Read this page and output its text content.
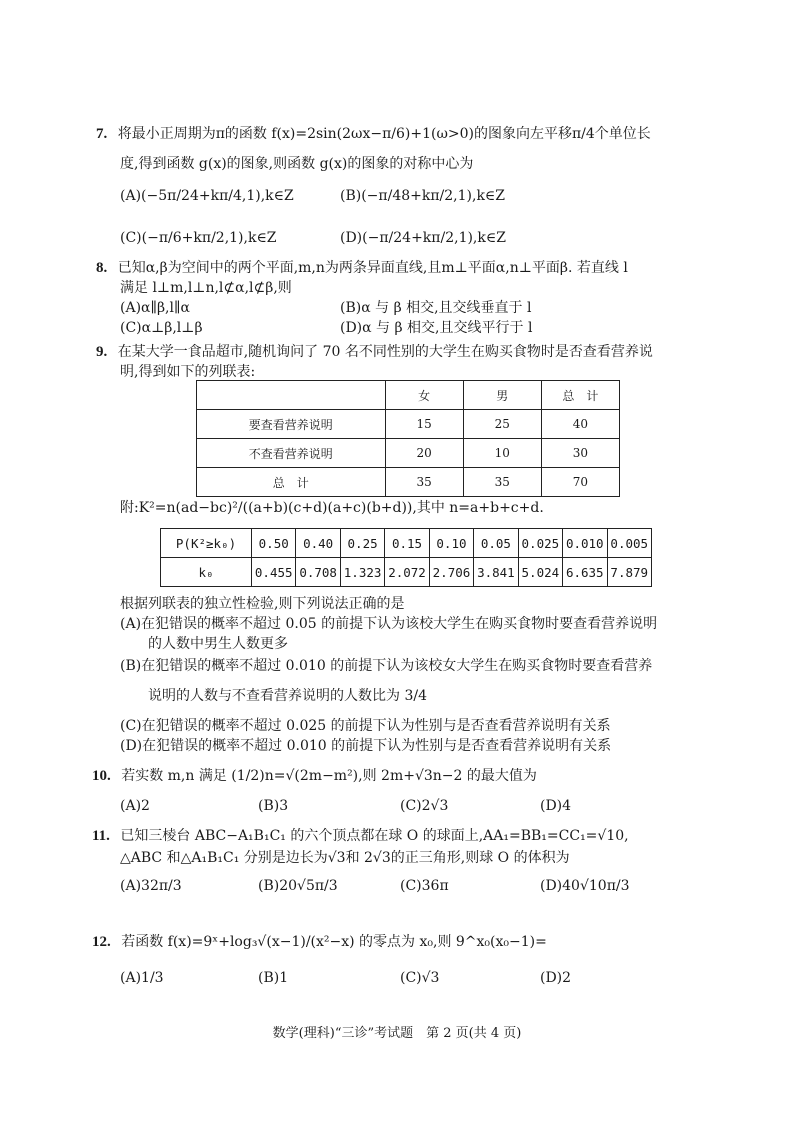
7. 将最小正周期为π的函数 f(x)=2sin(2ωx−π/6)+1(ω>0)的图象向左平移π/4个单位长
度,得到函数 g(x)的图象,则函数 g(x)的图象的对称中心为
(A)(−5π/24+kπ/4,1),k∈Z	(B)(−π/48+kπ/2,1),k∈Z
(C)(−π/6+kπ/2,1),k∈Z	(D)(−π/24+kπ/2,1),k∈Z
8. 已知α,β为空间中的两个平面,m,n为两条异面直线,且m⊥平面α,n⊥平面β. 若直线 l
满足 l⊥m,l⊥n,l⊄α,l⊄β,则
(A)α∥β,l∥α	(B)α 与 β 相交,且交线垂直于 l
(C)α⊥β,l⊥β	(D)α 与 β 相交,且交线平行于 l
9. 在某大学一食品超市,随机询问了 70 名不同性别的大学生在购买食物时是否查看营养说
明,得到如下的列联表:
	女	男	总　计
要查看营养说明	15	25	40
不查看营养说明	20	10	30
总　计	35	35	70
附:K²=n(ad−bc)²/((a+b)(c+d)(a+c)(b+d)),其中 n=a+b+c+d.
P(K²≥k₀)	0.50	0.40	0.25	0.15	0.10	0.05	0.025	0.010	0.005
k₀	0.455	0.708	1.323	2.072	2.706	3.841	5.024	6.635	7.879
根据列联表的独立性检验,则下列说法正确的是
(A)在犯错误的概率不超过 0.05 的前提下认为该校大学生在购买食物时要查看营养说明
的人数中男生人数更多
(B)在犯错误的概率不超过 0.010 的前提下认为该校女大学生在购买食物时要查看营养
说明的人数与不查看营养说明的人数比为 3/4
(C)在犯错误的概率不超过 0.025 的前提下认为性别与是否查看营养说明有关系
(D)在犯错误的概率不超过 0.010 的前提下认为性别与是否查看营养说明有关系
10. 若实数 m,n 满足 (1/2)n=√(2m−m²),则 2m+√3n−2 的最大值为
(A)2	(B)3	(C)2√3	(D)4
11. 已知三棱台 ABC−A₁B₁C₁ 的六个顶点都在球 O 的球面上,AA₁=BB₁=CC₁=√10,
△ABC 和△A₁B₁C₁ 分别是边长为√3和 2√3的正三角形,则球 O 的体积为
(A)32π/3	(B)20√5π/3	(C)36π	(D)40√10π/3
12. 若函数 f(x)=9ˣ+log₃√(x−1)/(x²−x) 的零点为 x₀,则 9^x₀(x₀−1)=
(A)1/3	(B)1	(C)√3	(D)2
数学(理科)“三诊”考试题　第 2 页(共 4 页)
